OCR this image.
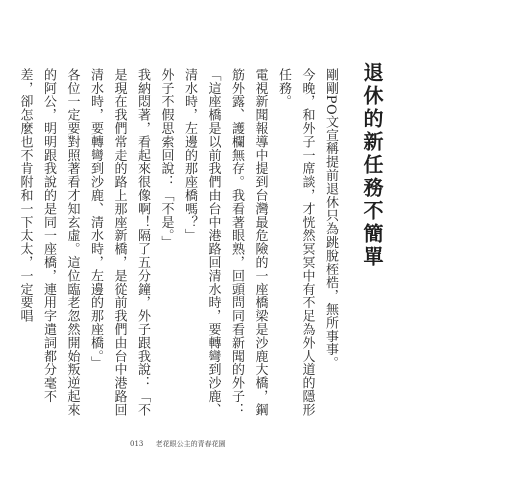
退休的新任務不簡單

剛剛PO文宣稱提前退休只為跳脫桎梏，無所事事。

今晚，和外子一席談，才恍然冥冥中有不足為外人道的隱形任務。

電視新聞報導中提到台灣最危險的一座橋梁是沙鹿大橋，鋼筋外露、護欄無存。我看著眼熟，回頭問同看新聞的外子：「這座橋是以前我們由台中港路回清水時，要轉彎到沙鹿、清水時，左邊的那座橋嗎？」

外子不假思索回說：「不是。」

我納悶著，看起來很像啊！隔了五分鐘，外子跟我說：「不是現在我們常走的路上那座新橋，是從前我們由台中港路回清水時，要轉彎到沙鹿、清水時，左邊的那座橋。」

各位一定要對照著看才知玄虛。這位臨老忽然開始叛逆起來的阿公，明明跟我說的是同一座橋，連用字遣詞都分毫不差，卻怎麼也不肯附和一下太太，一定要唱

013 老花眼公主的青春花園
